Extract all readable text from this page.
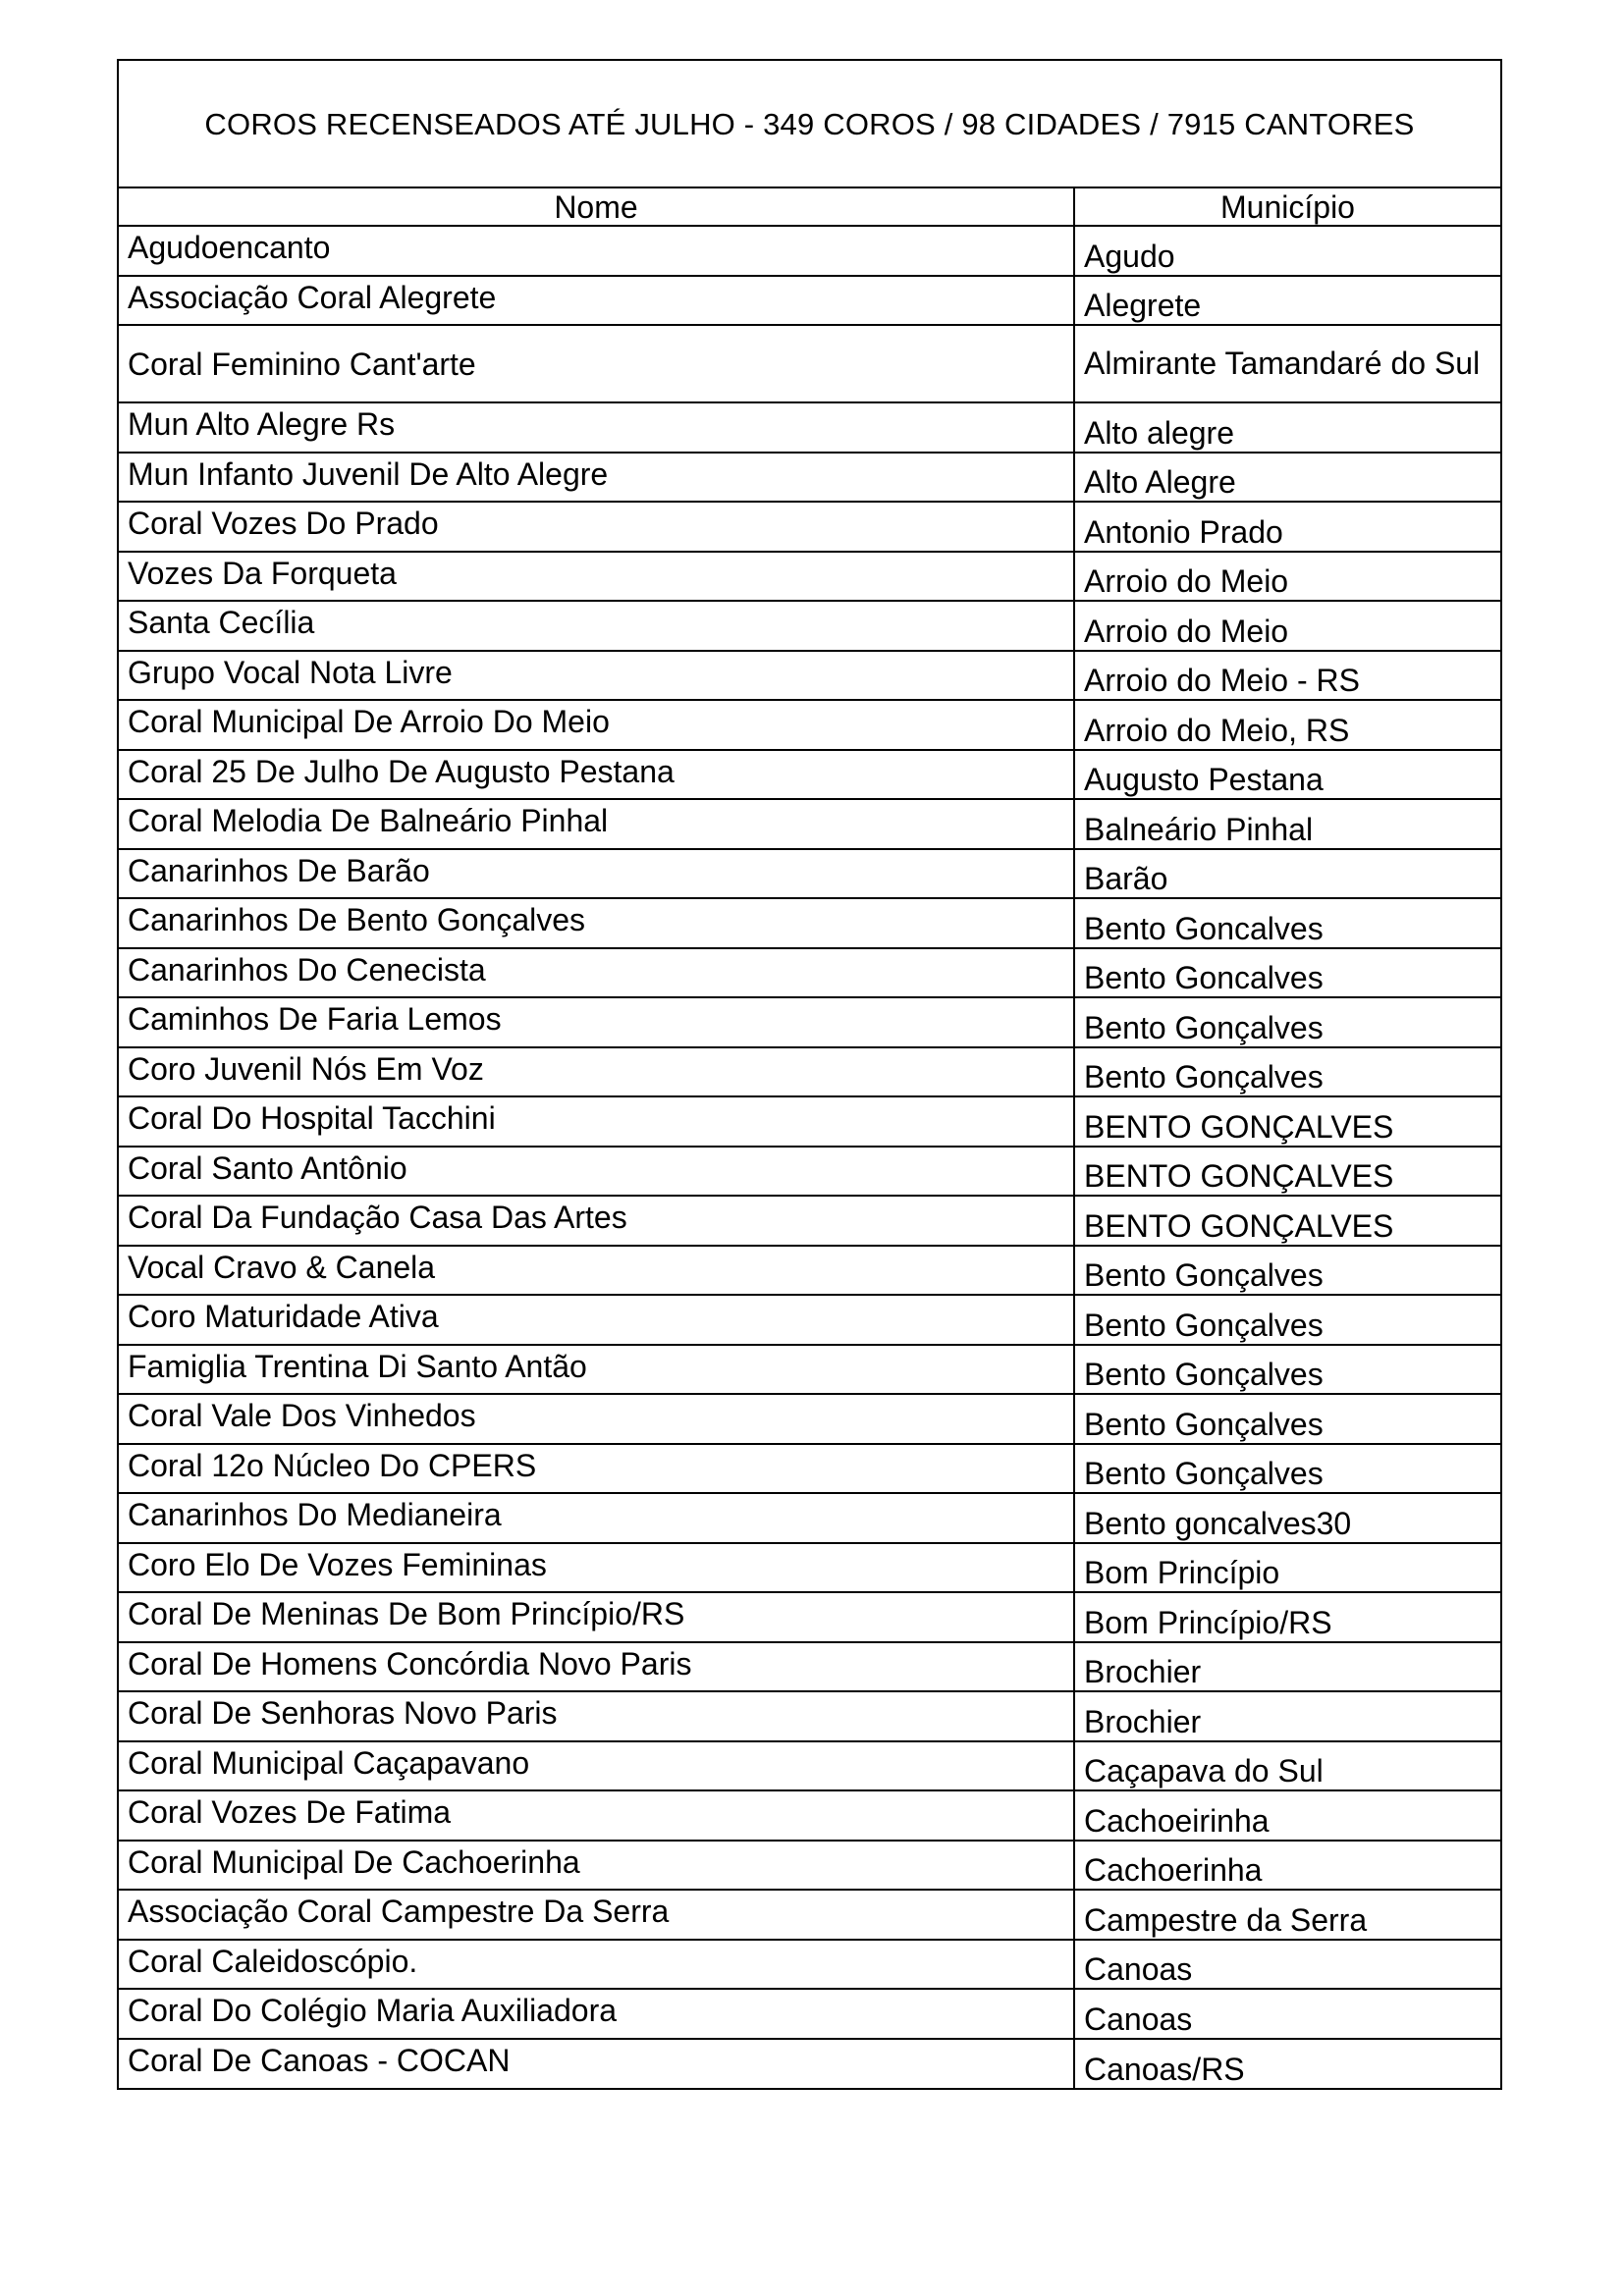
COROS RECENSEADOS ATÉ JULHO - 349 COROS / 98 CIDADES / 7915 CANTORES
Nome	Município
Agudoencanto	Agudo
Associação Coral Alegrete	Alegrete
Coral Feminino Cant'arte	Almirante Tamandaré do Sul
Mun Alto Alegre Rs	Alto alegre
Mun Infanto Juvenil De Alto Alegre	Alto Alegre
Coral Vozes Do Prado	Antonio Prado
Vozes Da Forqueta	Arroio do Meio
Santa Cecília	Arroio do Meio
Grupo Vocal Nota Livre	Arroio do Meio - RS
Coral Municipal De Arroio Do Meio	Arroio do Meio, RS
Coral 25 De Julho De Augusto Pestana	Augusto Pestana
Coral Melodia De Balneário Pinhal	Balneário Pinhal
Canarinhos De Barão	Barão
Canarinhos De Bento Gonçalves	Bento Goncalves
Canarinhos Do Cenecista	Bento Goncalves
Caminhos De Faria Lemos	Bento Gonçalves
Coro Juvenil Nós Em Voz	Bento Gonçalves
Coral Do Hospital Tacchini	BENTO GONÇALVES
Coral Santo Antônio	BENTO GONÇALVES
Coral Da Fundação Casa Das Artes	BENTO GONÇALVES
Vocal Cravo & Canela	Bento Gonçalves
Coro Maturidade Ativa	Bento Gonçalves
Famiglia Trentina Di Santo Antão	Bento Gonçalves
Coral Vale Dos Vinhedos	Bento Gonçalves
Coral 12o Núcleo Do CPERS	Bento Gonçalves
Canarinhos Do Medianeira	Bento goncalves30
Coro Elo De Vozes Femininas	Bom Princípio
Coral De Meninas De Bom Princípio/RS	Bom Princípio/RS
Coral De Homens Concórdia Novo Paris	Brochier
Coral De Senhoras Novo Paris	Brochier
Coral Municipal Caçapavano	Caçapava do Sul
Coral Vozes De Fatima	Cachoeirinha
Coral Municipal De Cachoerinha	Cachoerinha
Associação Coral Campestre Da Serra	Campestre da Serra
Coral Caleidoscópio.	Canoas
Coral Do Colégio Maria Auxiliadora	Canoas
Coral De Canoas - COCAN	Canoas/RS
